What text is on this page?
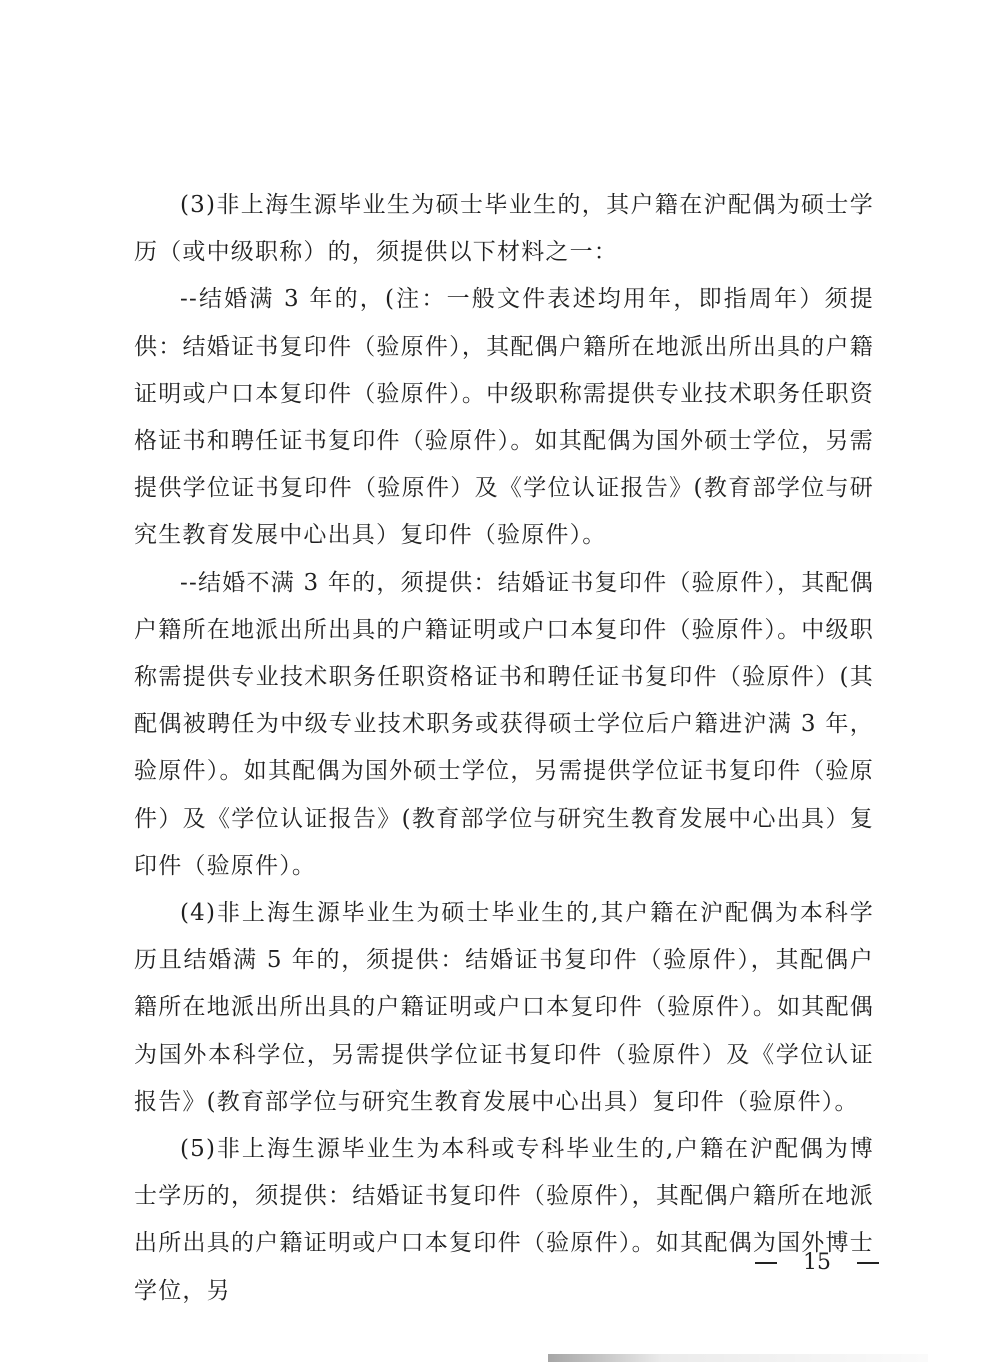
(3)非上海生源毕业生为硕士毕业生的，其户籍在沪配偶为硕士学历（或中级职称）的，须提供以下材料之一：

--结婚满 3 年的，(注：一般文件表述均用年，即指周年）须提供：结婚证书复印件（验原件），其配偶户籍所在地派出所出具的户籍证明或户口本复印件（验原件）。中级职称需提供专业技术职务任职资格证书和聘任证书复印件（验原件）。如其配偶为国外硕士学位，另需提供学位证书复印件（验原件）及《学位认证报告》(教育部学位与研究生教育发展中心出具）复印件（验原件）。

--结婚不满 3 年的，须提供：结婚证书复印件（验原件），其配偶户籍所在地派出所出具的户籍证明或户口本复印件（验原件）。中级职称需提供专业技术职务任职资格证书和聘任证书复印件（验原件）(其配偶被聘任为中级专业技术职务或获得硕士学位后户籍进沪满 3 年，验原件）。如其配偶为国外硕士学位，另需提供学位证书复印件（验原件）及《学位认证报告》(教育部学位与研究生教育发展中心出具）复印件（验原件）。

(4)非上海生源毕业生为硕士毕业生的,其户籍在沪配偶为本科学历且结婚满 5 年的，须提供：结婚证书复印件（验原件），其配偶户籍所在地派出所出具的户籍证明或户口本复印件（验原件）。如其配偶为国外本科学位，另需提供学位证书复印件（验原件）及《学位认证报告》(教育部学位与研究生教育发展中心出具）复印件（验原件）。

(5)非上海生源毕业生为本科或专科毕业生的,户籍在沪配偶为博士学历的，须提供：结婚证书复印件（验原件），其配偶户籍所在地派出所出具的户籍证明或户口本复印件（验原件）。如其配偶为国外博士学位，另

15
